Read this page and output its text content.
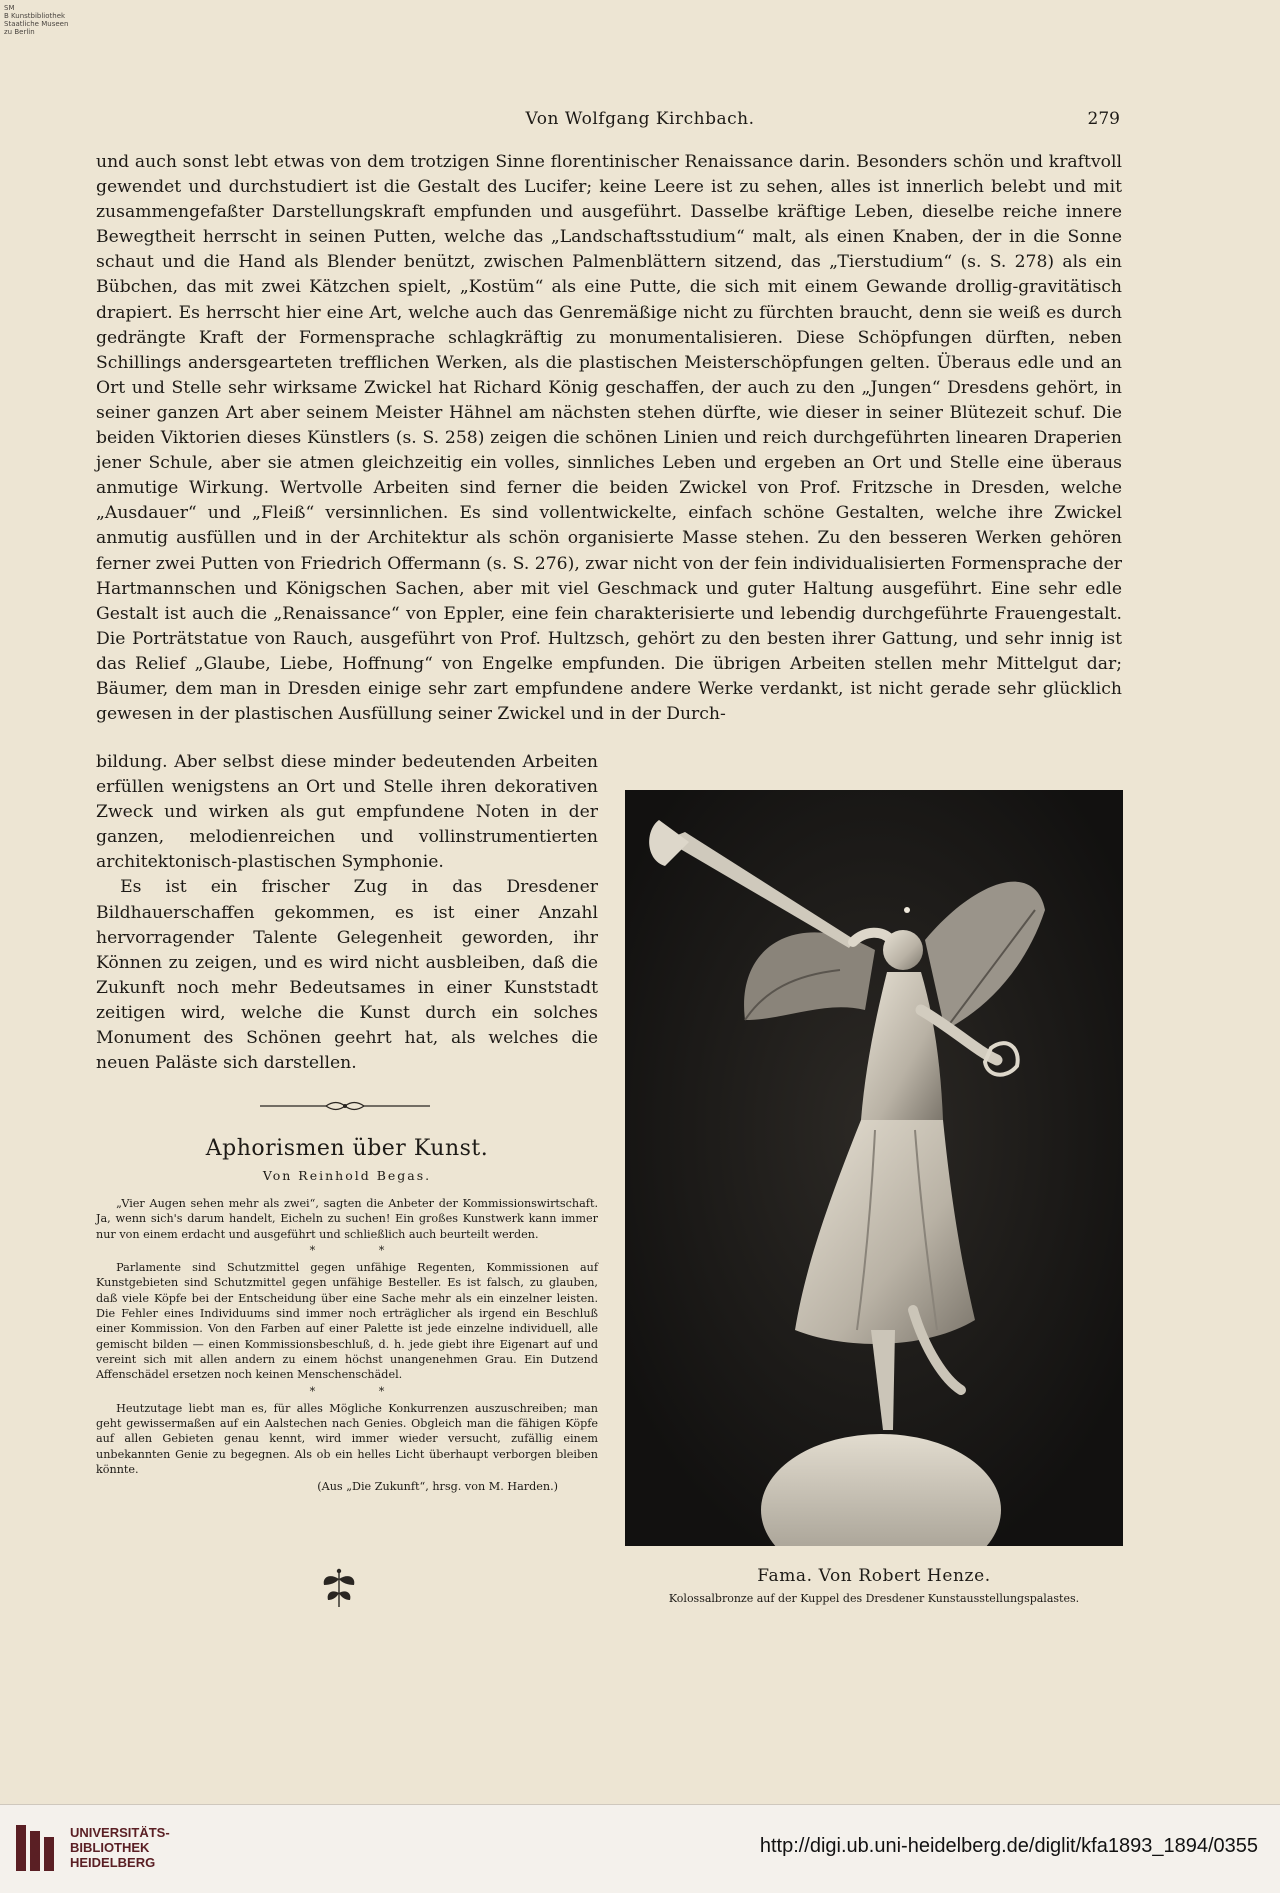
SM
B Kunstbibliothek
Staatliche Museen
zu Berlin
Von Wolfgang Kirchbach.	279

und auch sonst lebt etwas von dem trotzigen Sinne florentinischer Renaissance darin. Besonders schön und kraftvoll gewendet und durchstudiert ist die Gestalt des Lucifer; keine Leere ist zu sehen, alles ist innerlich belebt und mit zusammengefaßter Darstellungskraft empfunden und ausgeführt. Dasselbe kräftige Leben, dieselbe reiche innere Bewegtheit herrscht in seinen Putten, welche das „Landschaftsstudium“ malt, als einen Knaben, der in die Sonne schaut und die Hand als Blender benützt, zwischen Palmenblättern sitzend, das „Tierstudium“ (s. S. 278) als ein Bübchen, das mit zwei Kätzchen spielt, „Kostüm“ als eine Putte, die sich mit einem Gewande drollig-gravitätisch drapiert. Es herrscht hier eine Art, welche auch das Genremäßige nicht zu fürchten braucht, denn sie weiß es durch gedrängte Kraft der Formensprache schlagkräftig zu monumentalisieren. Diese Schöpfungen dürften, neben Schillings andersgearteten trefflichen Werken, als die plastischen Meisterschöpfungen gelten. Überaus edle und an Ort und Stelle sehr wirksame Zwickel hat Richard König geschaffen, der auch zu den „Jungen“ Dresdens gehört, in seiner ganzen Art aber seinem Meister Hähnel am nächsten stehen dürfte, wie dieser in seiner Blütezeit schuf. Die beiden Viktorien dieses Künstlers (s. S. 258) zeigen die schönen Linien und reich durchgeführten linearen Draperien jener Schule, aber sie atmen gleichzeitig ein volles, sinnliches Leben und ergeben an Ort und Stelle eine überaus anmutige Wirkung. Wertvolle Arbeiten sind ferner die beiden Zwickel von Prof. Fritzsche in Dresden, welche „Ausdauer“ und „Fleiß“ versinnlichen. Es sind vollentwickelte, einfach schöne Gestalten, welche ihre Zwickel anmutig ausfüllen und in der Architektur als schön organisierte Masse stehen. Zu den besseren Werken gehören ferner zwei Putten von Friedrich Offermann (s. S. 276), zwar nicht von der fein individualisierten Formensprache der Hartmannschen und Königschen Sachen, aber mit viel Geschmack und guter Haltung ausgeführt. Eine sehr edle Gestalt ist auch die „Renaissance“ von Eppler, eine fein charakterisierte und lebendig durchgeführte Frauengestalt. Die Porträtstatue von Rauch, ausgeführt von Prof. Hultzsch, gehört zu den besten ihrer Gattung, und sehr innig ist das Relief „Glaube, Liebe, Hoffnung“ von Engelke empfunden. Die übrigen Arbeiten stellen mehr Mittelgut dar; Bäumer, dem man in Dresden einige sehr zart empfundene andere Werke verdankt, ist nicht gerade sehr glücklich gewesen in der plastischen Ausfüllung seiner Zwickel und in der Durch-

bildung. Aber selbst diese minder bedeutenden Arbeiten erfüllen wenigstens an Ort und Stelle ihren dekorativen Zweck und wirken als gut empfundene Noten in der ganzen, melodienreichen und vollinstrumentierten architektonisch-plastischen Symphonie.

Es ist ein frischer Zug in das Dresdener Bildhauerschaffen gekommen, es ist einer Anzahl hervorragender Talente Gelegenheit geworden, ihr Können zu zeigen, und es wird nicht ausbleiben, daß die Zukunft noch mehr Bedeutsames in einer Kunststadt zeitigen wird, welche die Kunst durch ein solches Monument des Schönen geehrt hat, als welches die neuen Paläste sich darstellen.

Aphorismen über Kunst.
Von Reinhold Begas.

„Vier Augen sehen mehr als zwei“, sagten die Anbeter der Kommissionswirtschaft. Ja, wenn sich's darum handelt, Eicheln zu suchen! Ein großes Kunstwerk kann immer nur von einem erdacht und ausgeführt und schließlich auch beurteilt werden.

* *

Parlamente sind Schutzmittel gegen unfähige Regenten, Kommissionen auf Kunstgebieten sind Schutzmittel gegen unfähige Besteller. Es ist falsch, zu glauben, daß viele Köpfe bei der Entscheidung über eine Sache mehr als ein einzelner leisten. Die Fehler eines Individuums sind immer noch erträglicher als irgend ein Beschluß einer Kommission. Von den Farben auf einer Palette ist jede einzelne individuell, alle gemischt bilden — einen Kommissionsbeschluß, d. h. jede giebt ihre Eigenart auf und vereint sich mit allen andern zu einem höchst unangenehmen Grau. Ein Dutzend Affenschädel ersetzen noch keinen Menschenschädel.

* *

Heutzutage liebt man es, für alles Mögliche Konkurrenzen auszuschreiben; man geht gewissermaßen auf ein Aalstechen nach Genies. Obgleich man die fähigen Köpfe auf allen Gebieten genau kennt, wird immer wieder versucht, zufällig einem unbekannten Genie zu begegnen. Als ob ein helles Licht überhaupt verborgen bleiben könnte.

(Aus „Die Zukunft“, hrsg. von M. Harden.)
Fama. Von Robert Henze.
Kolossalbronze auf der Kuppel des Dresdener Kunstausstellungspalastes.
UNIVERSITÄTS-
BIBLIOTHEK
HEIDELBERG
http://digi.ub.uni-heidelberg.de/diglit/kfa1893_1894/0355
